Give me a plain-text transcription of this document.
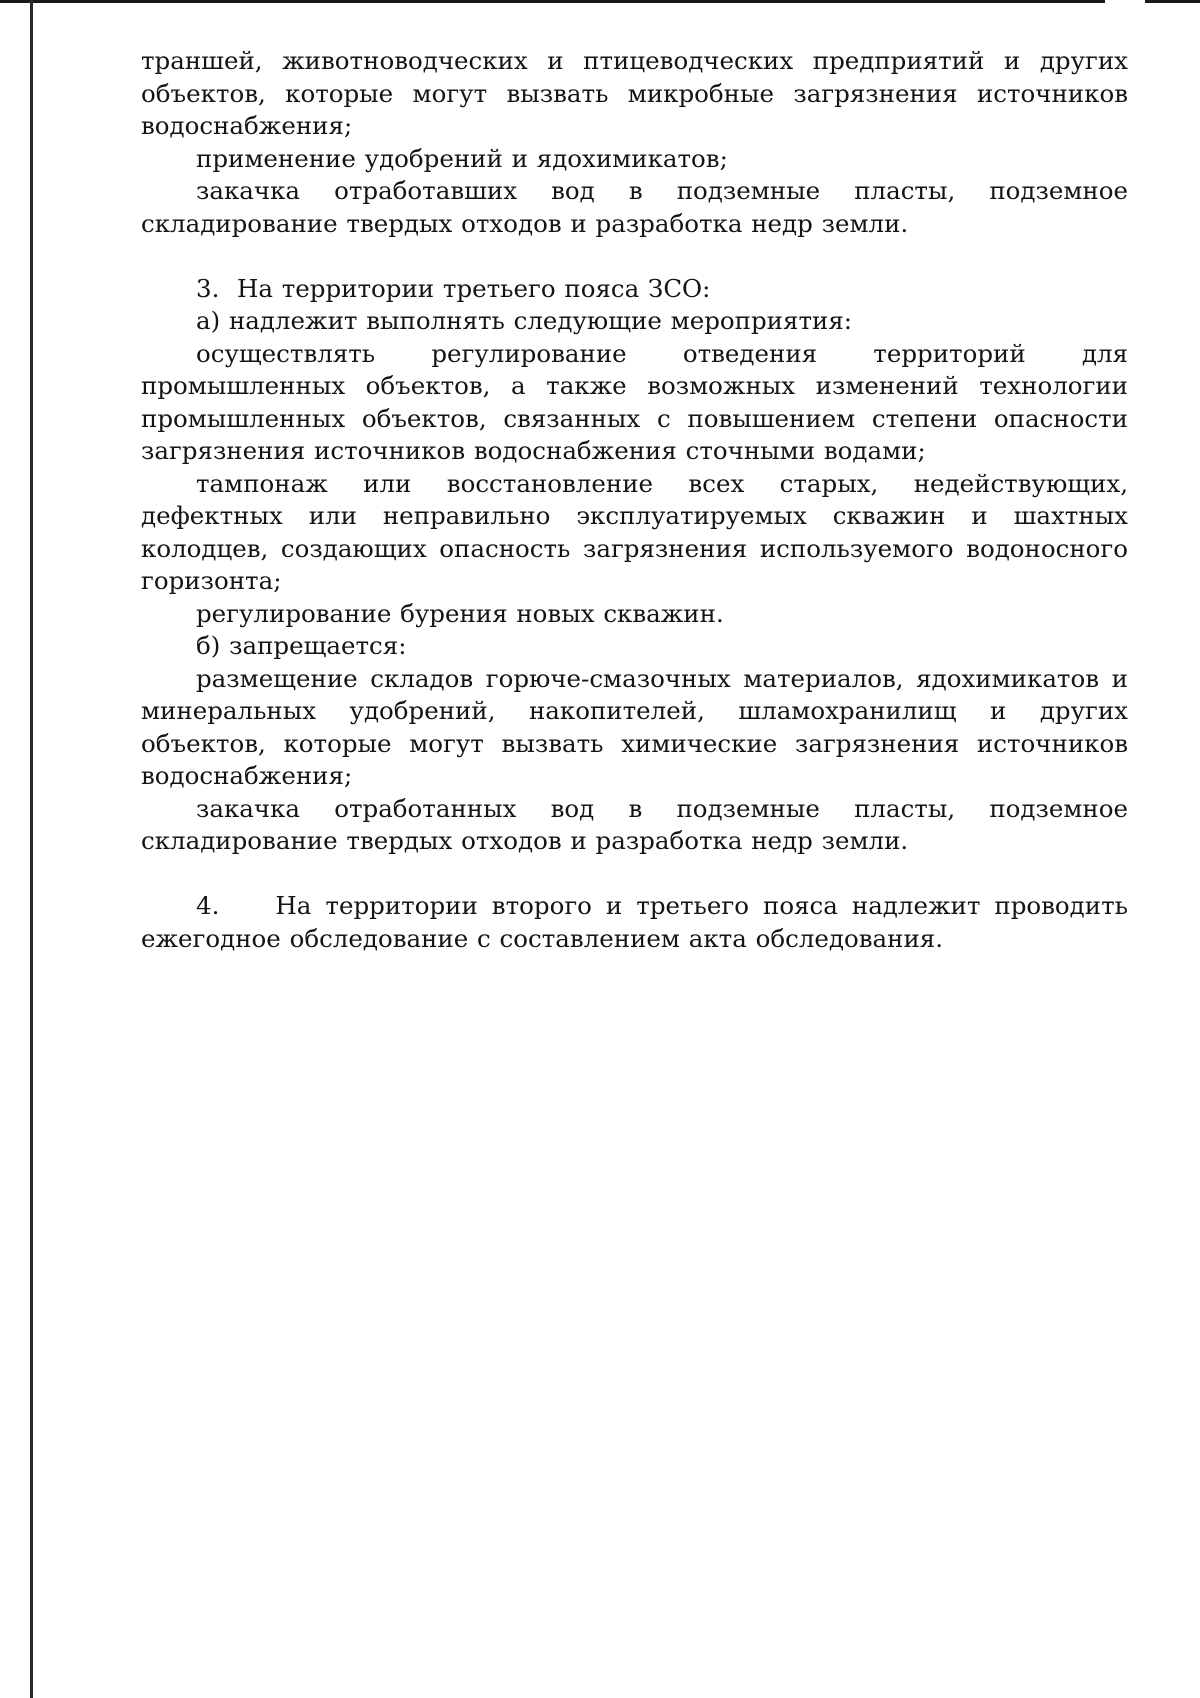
траншей, животноводческих и птицеводческих предприятий и других объектов, которые могут вызвать микробные загрязнения источников водоснабжения;

применение удобрений и ядохимикатов;

закачка отработавших вод в подземные пласты, подземное складирование твердых отходов и разработка недр земли.

3.  На территории третьего пояса ЗСО:

а) надлежит выполнять следующие мероприятия:

осуществлять регулирование отведения территорий для промышленных объектов, а также возможных изменений технологии промышленных объектов, связанных с повышением степени опасности загрязнения источников водоснабжения сточными водами;

тампонаж или восстановление всех старых, недействующих, дефектных или неправильно эксплуатируемых скважин и шахтных колодцев, создающих опасность загрязнения используемого водоносного горизонта;

регулирование бурения новых скважин.

б) запрещается:

размещение складов горюче-смазочных материалов, ядохимикатов и минеральных удобрений, накопителей, шламохранилищ и других объектов, которые могут вызвать химические загрязнения источников водоснабжения;

закачка отработанных вод в подземные пласты, подземное складирование твердых отходов и разработка недр земли.

4.    На территории второго и третьего пояса надлежит проводить ежегодное обследование с составлением акта обследования.
